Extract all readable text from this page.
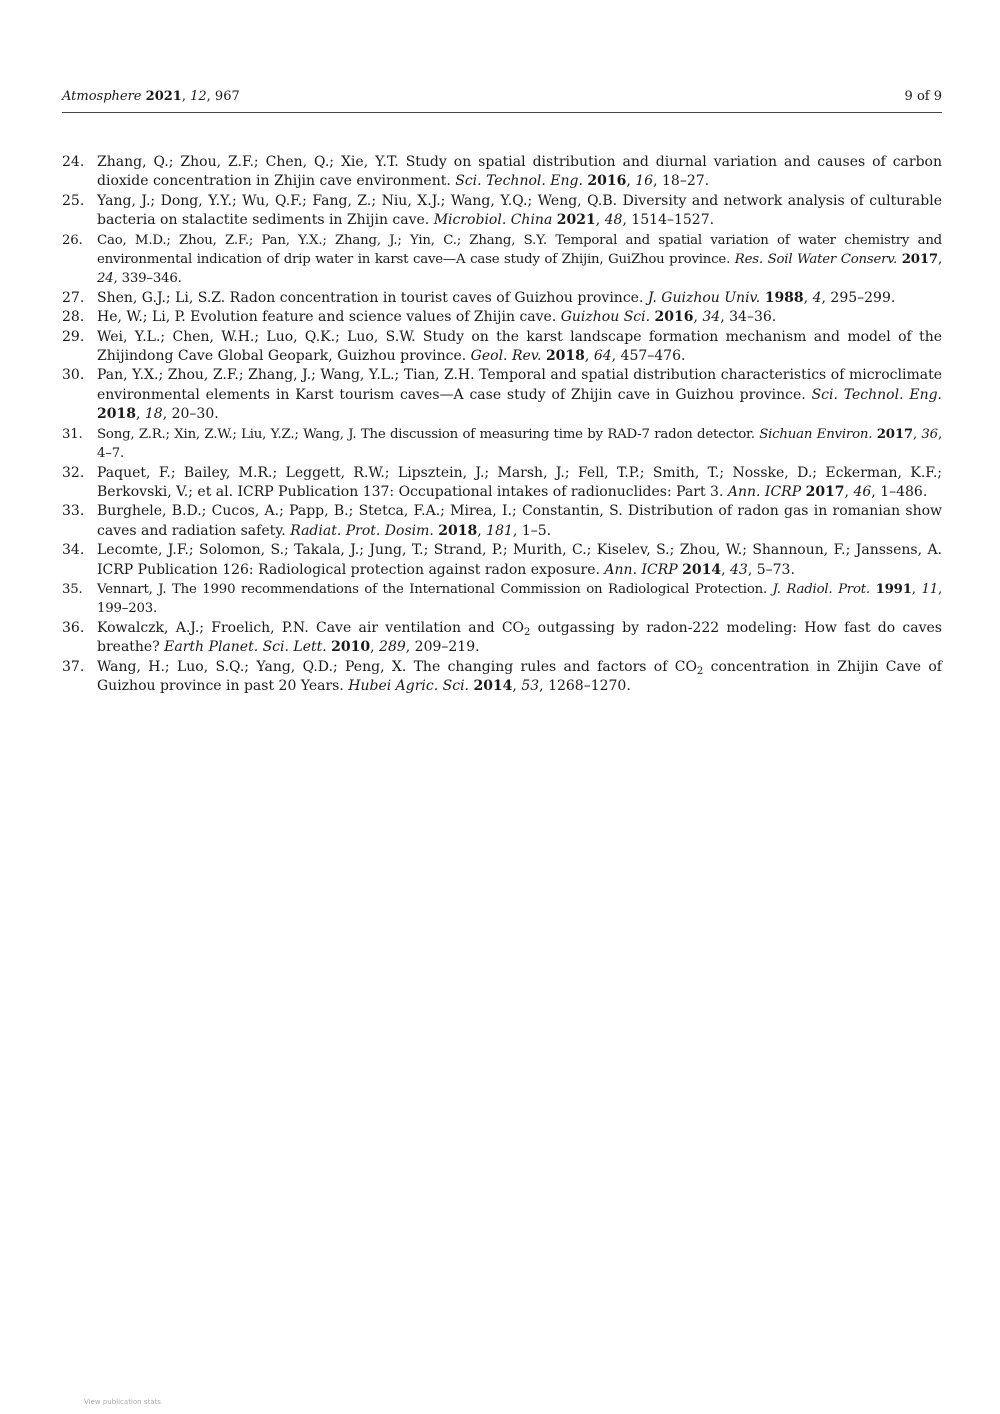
Atmosphere 2021, 12, 967	9 of 9
24. Zhang, Q.; Zhou, Z.F.; Chen, Q.; Xie, Y.T. Study on spatial distribution and diurnal variation and causes of carbon dioxide concentration in Zhijin cave environment. Sci. Technol. Eng. 2016, 16, 18–27.
25. Yang, J.; Dong, Y.Y.; Wu, Q.F.; Fang, Z.; Niu, X.J.; Wang, Y.Q.; Weng, Q.B. Diversity and network analysis of culturable bacteria on stalactite sediments in Zhijin cave. Microbiol. China 2021, 48, 1514–1527.
26. Cao, M.D.; Zhou, Z.F.; Pan, Y.X.; Zhang, J.; Yin, C.; Zhang, S.Y. Temporal and spatial variation of water chemistry and environmental indication of drip water in karst cave—A case study of Zhijin, GuiZhou province. Res. Soil Water Conserv. 2017, 24, 339–346.
27. Shen, G.J.; Li, S.Z. Radon concentration in tourist caves of Guizhou province. J. Guizhou Univ. 1988, 4, 295–299.
28. He, W.; Li, P. Evolution feature and science values of Zhijin cave. Guizhou Sci. 2016, 34, 34–36.
29. Wei, Y.L.; Chen, W.H.; Luo, Q.K.; Luo, S.W. Study on the karst landscape formation mechanism and model of the Zhijindong Cave Global Geopark, Guizhou province. Geol. Rev. 2018, 64, 457–476.
30. Pan, Y.X.; Zhou, Z.F.; Zhang, J.; Wang, Y.L.; Tian, Z.H. Temporal and spatial distribution characteristics of microclimate environmental elements in Karst tourism caves—A case study of Zhijin cave in Guizhou province. Sci. Technol. Eng. 2018, 18, 20–30.
31. Song, Z.R.; Xin, Z.W.; Liu, Y.Z.; Wang, J. The discussion of measuring time by RAD-7 radon detector. Sichuan Environ. 2017, 36, 4–7.
32. Paquet, F.; Bailey, M.R.; Leggett, R.W.; Lipsztein, J.; Marsh, J.; Fell, T.P.; Smith, T.; Nosske, D.; Eckerman, K.F.; Berkovski, V.; et al. ICRP Publication 137: Occupational intakes of radionuclides: Part 3. Ann. ICRP 2017, 46, 1–486.
33. Burghele, B.D.; Cucos, A.; Papp, B.; Stetca, F.A.; Mirea, I.; Constantin, S. Distribution of radon gas in romanian show caves and radiation safety. Radiat. Prot. Dosim. 2018, 181, 1–5.
34. Lecomte, J.F.; Solomon, S.; Takala, J.; Jung, T.; Strand, P.; Murith, C.; Kiselev, S.; Zhou, W.; Shannoun, F.; Janssens, A. ICRP Publication 126: Radiological protection against radon exposure. Ann. ICRP 2014, 43, 5–73.
35. Vennart, J. The 1990 recommendations of the International Commission on Radiological Protection. J. Radiol. Prot. 1991, 11, 199–203.
36. Kowalczk, A.J.; Froelich, P.N. Cave air ventilation and $CO_2$ outgassing by radon-222 modeling: How fast do caves breathe? Earth Planet. Sci. Lett. 2010, 289, 209–219.
37. Wang, H.; Luo, S.Q.; Yang, Q.D.; Peng, X. The changing rules and factors of $CO_2$ concentration in Zhijin Cave of Guizhou province in past 20 Years. Hubei Agric. Sci. 2014, 53, 1268–1270.
View publication stats
